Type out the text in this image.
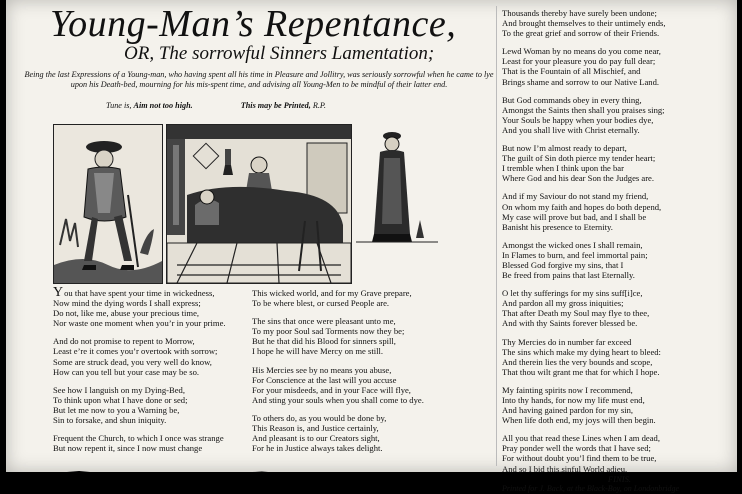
Young-Man’s Repentance,
OR, The sorrowful Sinners Lamentation;
Being the last Expressions of a Young-man, who having spent all his time in Pleasure and Jollitry, was seriously sorrowful when he came to lye upon his Death-bed, mourning for his mis-spent time, and advising all Young-Men to be mindful of their latter end.
Tune is, Aim not too high.	This may be Printed, R.P.
You that have spent your time in wickedness,
Now mind the dying words I shall express;
Do not, like me, abuse your precious time,
Nor waste one moment when you’r in your prime.
And do not promise to repent to Morrow,
Least e’re it comes you’r overtook with sorrow;
Some are struck dead, you very well do know,
How can you tell but your case may be so.
See how I languish on my Dying-Bed,
To think upon what I have done or sed;
But let me now to you a Warning be,
Sin to forsake, and shun iniquity.
Frequent the Church, to which I once was strange
But now repent it, since I now must change
This wicked world, and for my Grave prepare,
To be where blest, or cursed People are.
The sins that once were pleasant unto me,
To my poor Soul sad Torments now they be;
But he that did his Blood for sinners spill,
I hope he will have Mercy on me still.
His Mercies see by no means you abuse,
For Conscience at the last will you accuse
For your misdeeds, and in your Face will flye,
And sting your souls when you shall come to dye.
To others do, as you would be done by,
This Reason is, and Justice certainly,
And pleasant is to our Creators sight,
For he in Justice always takes delight.
Thousands thereby have surely been undone;
And brought themselves to their untimely ends,
To the great grief and sorrow of their Friends.
Lewd Woman by no means do you come near,
Least for your pleasure you do pay full dear;
That is the Fountain of all Mischief, and
Brings shame and sorrow to our Native Land.
But God commands obey in every thing,
Amongst the Saints then shall you praises sing;
Your Souls be happy when your bodies dye,
And you shall live with Christ eternally.
But now I’m almost ready to depart,
The guilt of Sin doth pierce my tender heart;
I tremble when I think upon the bar
Where God and his dear Son the Judges are.
And if my Saviour do not stand my friend,
On whom my faith and hopes do both depend,
My case will prove but bad, and I shall be
Banisht his presence to Eternity.
Amongst the wicked ones I shall remain,
In Flames to burn, and feel immortal pain;
Blessed God forgive my sins, that I
Be freed from pains that last Eternally.
O let thy sufferings for my sins suff[i]ce,
And pardon all my gross iniquities;
That after Death my Soul may flye to thee,
And with thy Saints forever blessed be.
Thy Mercies do in number far exceed
The sins which make my dying heart to bleed:
And therein lies the very bounds and scope,
That thou wilt grant me that for which I hope.
My fainting spirits now I recommend,
Into thy hands, for now my life must end,
And having gained pardon for my sin,
When life doth end, my joys will then begin.
All you that read these Lines when I am dead,
Pray ponder well the words that I have sed;
For without doubt you’l find them to be true,
And so I bid this sinful World adieu.
FINIS.
Printed for J. Back, at the Black-Boy, on Londonbridge
